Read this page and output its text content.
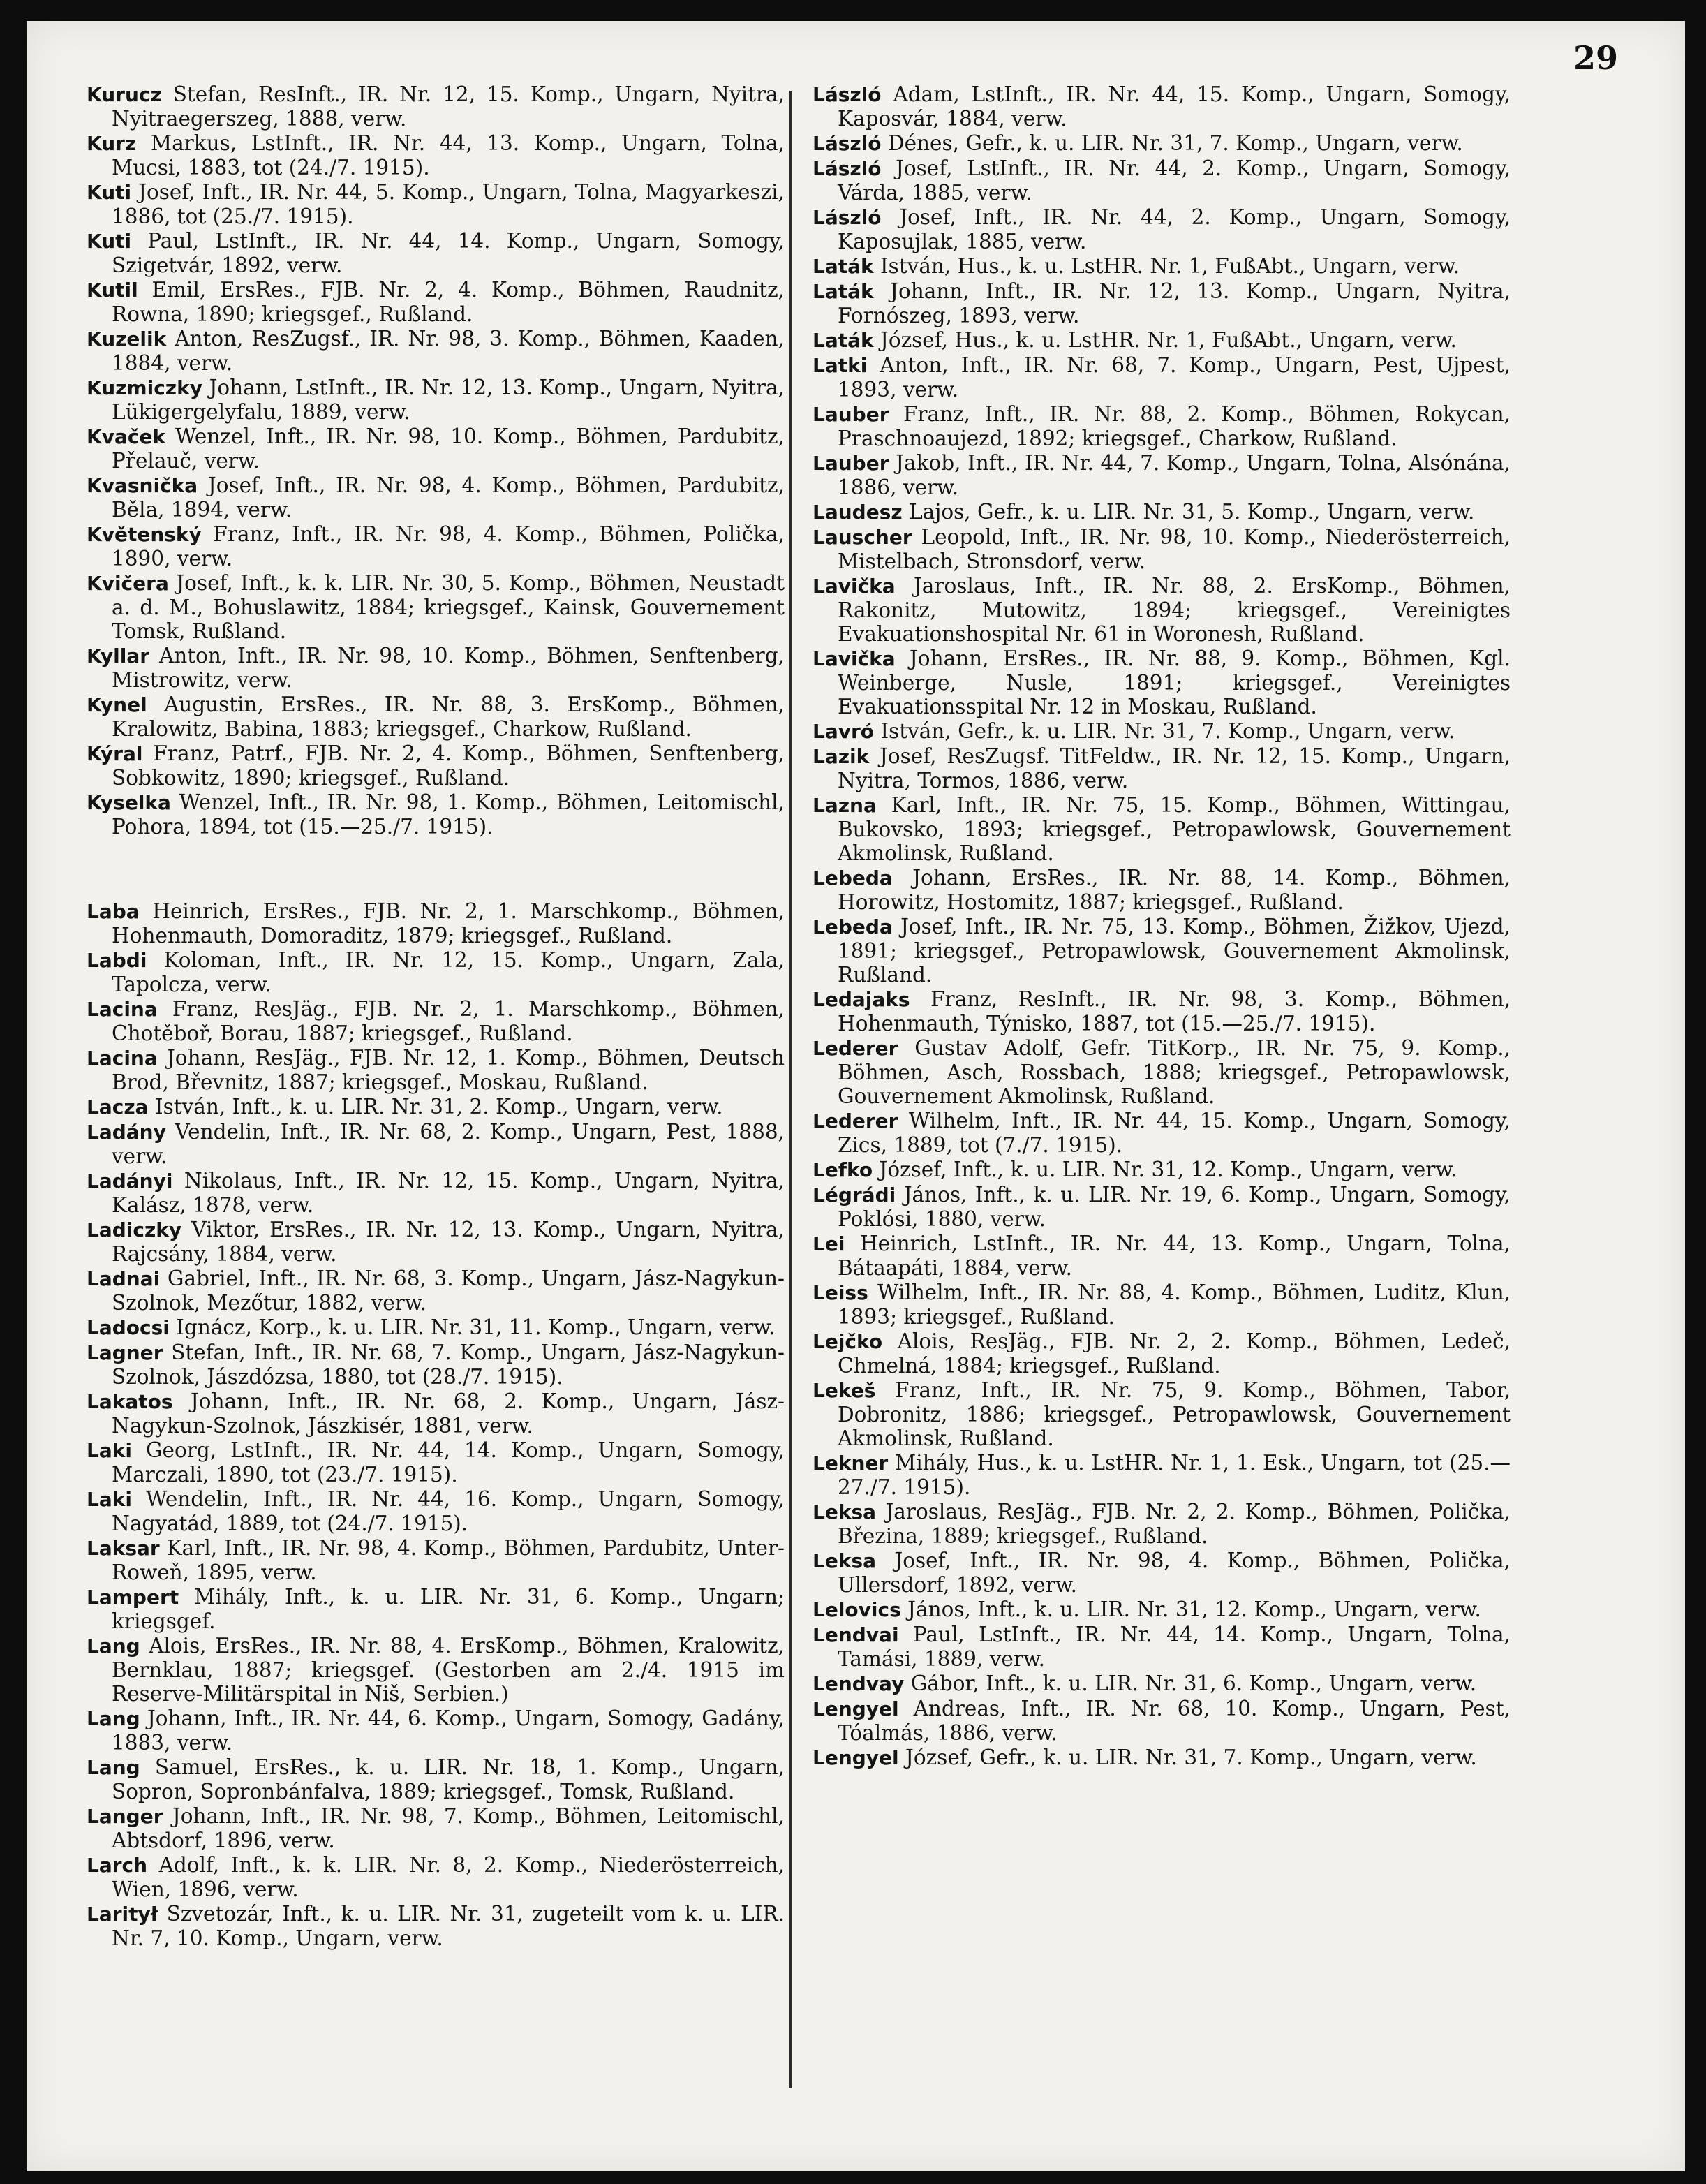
29

Kurucz Stefan, ResInft., IR. Nr. 12, 15. Komp., Ungarn, Nyitra, Nyitraegerszeg, 1888, verw.

Kurz Markus, LstInft., IR. Nr. 44, 13. Komp., Ungarn, Tolna, Mucsi, 1883, tot (24./7. 1915).

Kuti Josef, Inft., IR. Nr. 44, 5. Komp., Ungarn, Tolna, Magyarkeszi, 1886, tot (25./7. 1915).

Kuti Paul, LstInft., IR. Nr. 44, 14. Komp., Ungarn, Somogy, Szigetvár, 1892, verw.

Kutil Emil, ErsRes., FJB. Nr. 2, 4. Komp., Böhmen, Raudnitz, Rowna, 1890; kriegsgef., Rußland.

Kuzelik Anton, ResZugsf., IR. Nr. 98, 3. Komp., Böhmen, Kaaden, 1884, verw.

Kuzmiczky Johann, LstInft., IR. Nr. 12, 13. Komp., Ungarn, Nyitra, Lükigergelyfalu, 1889, verw.

Kvaček Wenzel, Inft., IR. Nr. 98, 10. Komp., Böhmen, Pardubitz, Přelauč, verw.

Kvasnička Josef, Inft., IR. Nr. 98, 4. Komp., Böhmen, Pardubitz, Běla, 1894, verw.

Květenský Franz, Inft., IR. Nr. 98, 4. Komp., Böhmen, Polička, 1890, verw.

Kvičera Josef, Inft., k. k. LIR. Nr. 30, 5. Komp., Böhmen, Neustadt a. d. M., Bohuslawitz, 1884; kriegsgef., Kainsk, Gouvernement Tomsk, Rußland.

Kyllar Anton, Inft., IR. Nr. 98, 10. Komp., Böhmen, Senftenberg, Mistrowitz, verw.

Kynel Augustin, ErsRes., IR. Nr. 88, 3. ErsKomp., Böhmen, Kralowitz, Babina, 1883; kriegsgef., Charkow, Rußland.

Kýral Franz, Patrf., FJB. Nr. 2, 4. Komp., Böhmen, Senftenberg, Sobkowitz, 1890; kriegsgef., Rußland.

Kyselka Wenzel, Inft., IR. Nr. 98, 1. Komp., Böhmen, Leitomischl, Pohora, 1894, tot (15.—25./7. 1915).

Laba Heinrich, ErsRes., FJB. Nr. 2, 1. Marschkomp., Böhmen, Hohenmauth, Domoraditz, 1879; kriegsgef., Rußland.

Labdi Koloman, Inft., IR. Nr. 12, 15. Komp., Ungarn, Zala, Tapolcza, verw.

Lacina Franz, ResJäg., FJB. Nr. 2, 1. Marschkomp., Böhmen, Chotěboř, Borau, 1887; kriegsgef., Rußland.

Lacina Johann, ResJäg., FJB. Nr. 12, 1. Komp., Böhmen, Deutsch Brod, Břevnitz, 1887; kriegsgef., Moskau, Rußland.

Lacza István, Inft., k. u. LIR. Nr. 31, 2. Komp., Ungarn, verw.

Ladány Vendelin, Inft., IR. Nr. 68, 2. Komp., Ungarn, Pest, 1888, verw.

Ladányi Nikolaus, Inft., IR. Nr. 12, 15. Komp., Ungarn, Nyitra, Kalász, 1878, verw.

Ladiczky Viktor, ErsRes., IR. Nr. 12, 13. Komp., Ungarn, Nyitra, Rajcsány, 1884, verw.

Ladnai Gabriel, Inft., IR. Nr. 68, 3. Komp., Ungarn, Jász-Nagykun-Szolnok, Mezőtur, 1882, verw.

Ladocsi Ignácz, Korp., k. u. LIR. Nr. 31, 11. Komp., Ungarn, verw.

Lagner Stefan, Inft., IR. Nr. 68, 7. Komp., Ungarn, Jász-Nagykun-Szolnok, Jászdózsa, 1880, tot (28./7. 1915).

Lakatos Johann, Inft., IR. Nr. 68, 2. Komp., Ungarn, Jász-Nagykun-Szolnok, Jászkisér, 1881, verw.

Laki Georg, LstInft., IR. Nr. 44, 14. Komp., Ungarn, Somogy, Marczali, 1890, tot (23./7. 1915).

Laki Wendelin, Inft., IR. Nr. 44, 16. Komp., Ungarn, Somogy, Nagyatád, 1889, tot (24./7. 1915).

Laksar Karl, Inft., IR. Nr. 98, 4. Komp., Böhmen, Pardubitz, Unter-Roweň, 1895, verw.

Lampert Mihály, Inft., k. u. LIR. Nr. 31, 6. Komp., Ungarn; kriegsgef.

Lang Alois, ErsRes., IR. Nr. 88, 4. ErsKomp., Böhmen, Kralowitz, Bernklau, 1887; kriegsgef. (Gestorben am 2./4. 1915 im Reserve-Militärspital in Niš, Serbien.)

Lang Johann, Inft., IR. Nr. 44, 6. Komp., Ungarn, Somogy, Gadány, 1883, verw.

Lang Samuel, ErsRes., k. u. LIR. Nr. 18, 1. Komp., Ungarn, Sopron, Sopronbánfalva, 1889; kriegsgef., Tomsk, Rußland.

Langer Johann, Inft., IR. Nr. 98, 7. Komp., Böhmen, Leitomischl, Abtsdorf, 1896, verw.

Larch Adolf, Inft., k. k. LIR. Nr. 8, 2. Komp., Niederösterreich, Wien, 1896, verw.

Laritył Szvetozár, Inft., k. u. LIR. Nr. 31, zugeteilt vom k. u. LIR. Nr. 7, 10. Komp., Ungarn, verw.

László Adam, LstInft., IR. Nr. 44, 15. Komp., Ungarn, Somogy, Kaposvár, 1884, verw.

László Dénes, Gefr., k. u. LIR. Nr. 31, 7. Komp., Ungarn, verw.

László Josef, LstInft., IR. Nr. 44, 2. Komp., Ungarn, Somogy, Várda, 1885, verw.

László Josef, Inft., IR. Nr. 44, 2. Komp., Ungarn, Somogy, Kaposujlak, 1885, verw.

Laták István, Hus., k. u. LstHR. Nr. 1, FußAbt., Ungarn, verw.

Laták Johann, Inft., IR. Nr. 12, 13. Komp., Ungarn, Nyitra, Fornószeg, 1893, verw.

Laták József, Hus., k. u. LstHR. Nr. 1, FußAbt., Ungarn, verw.

Latki Anton, Inft., IR. Nr. 68, 7. Komp., Ungarn, Pest, Ujpest, 1893, verw.

Lauber Franz, Inft., IR. Nr. 88, 2. Komp., Böhmen, Rokycan, Praschnoaujezd, 1892; kriegsgef., Charkow, Rußland.

Lauber Jakob, Inft., IR. Nr. 44, 7. Komp., Ungarn, Tolna, Alsónána, 1886, verw.

Laudesz Lajos, Gefr., k. u. LIR. Nr. 31, 5. Komp., Ungarn, verw.

Lauscher Leopold, Inft., IR. Nr. 98, 10. Komp., Niederösterreich, Mistelbach, Stronsdorf, verw.

Lavička Jaroslaus, Inft., IR. Nr. 88, 2. ErsKomp., Böhmen, Rakonitz, Mutowitz, 1894; kriegsgef., Vereinigtes Evakuationshospital Nr. 61 in Woronesh, Rußland.

Lavička Johann, ErsRes., IR. Nr. 88, 9. Komp., Böhmen, Kgl. Weinberge, Nusle, 1891; kriegsgef., Vereinigtes Evakuationsspital Nr. 12 in Moskau, Rußland.

Lavró István, Gefr., k. u. LIR. Nr. 31, 7. Komp., Ungarn, verw.

Lazik Josef, ResZugsf. TitFeldw., IR. Nr. 12, 15. Komp., Ungarn, Nyitra, Tormos, 1886, verw.

Lazna Karl, Inft., IR. Nr. 75, 15. Komp., Böhmen, Wittingau, Bukovsko, 1893; kriegsgef., Petropawlowsk, Gouvernement Akmolinsk, Rußland.

Lebeda Johann, ErsRes., IR. Nr. 88, 14. Komp., Böhmen, Horowitz, Hostomitz, 1887; kriegsgef., Rußland.

Lebeda Josef, Inft., IR. Nr. 75, 13. Komp., Böhmen, Žižkov, Ujezd, 1891; kriegsgef., Petropawlowsk, Gouvernement Akmolinsk, Rußland.

Ledajaks Franz, ResInft., IR. Nr. 98, 3. Komp., Böhmen, Hohenmauth, Týnisko, 1887, tot (15.—25./7. 1915).

Lederer Gustav Adolf, Gefr. TitKorp., IR. Nr. 75, 9. Komp., Böhmen, Asch, Rossbach, 1888; kriegsgef., Petropawlowsk, Gouvernement Akmolinsk, Rußland.

Lederer Wilhelm, Inft., IR. Nr. 44, 15. Komp., Ungarn, Somogy, Zics, 1889, tot (7./7. 1915).

Lefko József, Inft., k. u. LIR. Nr. 31, 12. Komp., Ungarn, verw.

Légrádi János, Inft., k. u. LIR. Nr. 19, 6. Komp., Ungarn, Somogy, Poklósi, 1880, verw.

Lei Heinrich, LstInft., IR. Nr. 44, 13. Komp., Ungarn, Tolna, Bátaapáti, 1884, verw.

Leiss Wilhelm, Inft., IR. Nr. 88, 4. Komp., Böhmen, Luditz, Klun, 1893; kriegsgef., Rußland.

Lejčko Alois, ResJäg., FJB. Nr. 2, 2. Komp., Böhmen, Ledeč, Chmelná, 1884; kriegsgef., Rußland.

Lekeš Franz, Inft., IR. Nr. 75, 9. Komp., Böhmen, Tabor, Dobronitz, 1886; kriegsgef., Petropawlowsk, Gouvernement Akmolinsk, Rußland.

Lekner Mihály, Hus., k. u. LstHR. Nr. 1, 1. Esk., Ungarn, tot (25.—27./7. 1915).

Leksa Jaroslaus, ResJäg., FJB. Nr. 2, 2. Komp., Böhmen, Polička, Březina, 1889; kriegsgef., Rußland.

Leksa Josef, Inft., IR. Nr. 98, 4. Komp., Böhmen, Polička, Ullersdorf, 1892, verw.

Lelovics János, Inft., k. u. LIR. Nr. 31, 12. Komp., Ungarn, verw.

Lendvai Paul, LstInft., IR. Nr. 44, 14. Komp., Ungarn, Tolna, Tamási, 1889, verw.

Lendvay Gábor, Inft., k. u. LIR. Nr. 31, 6. Komp., Ungarn, verw.

Lengyel Andreas, Inft., IR. Nr. 68, 10. Komp., Ungarn, Pest, Tóalmás, 1886, verw.

Lengyel József, Gefr., k. u. LIR. Nr. 31, 7. Komp., Ungarn, verw.
